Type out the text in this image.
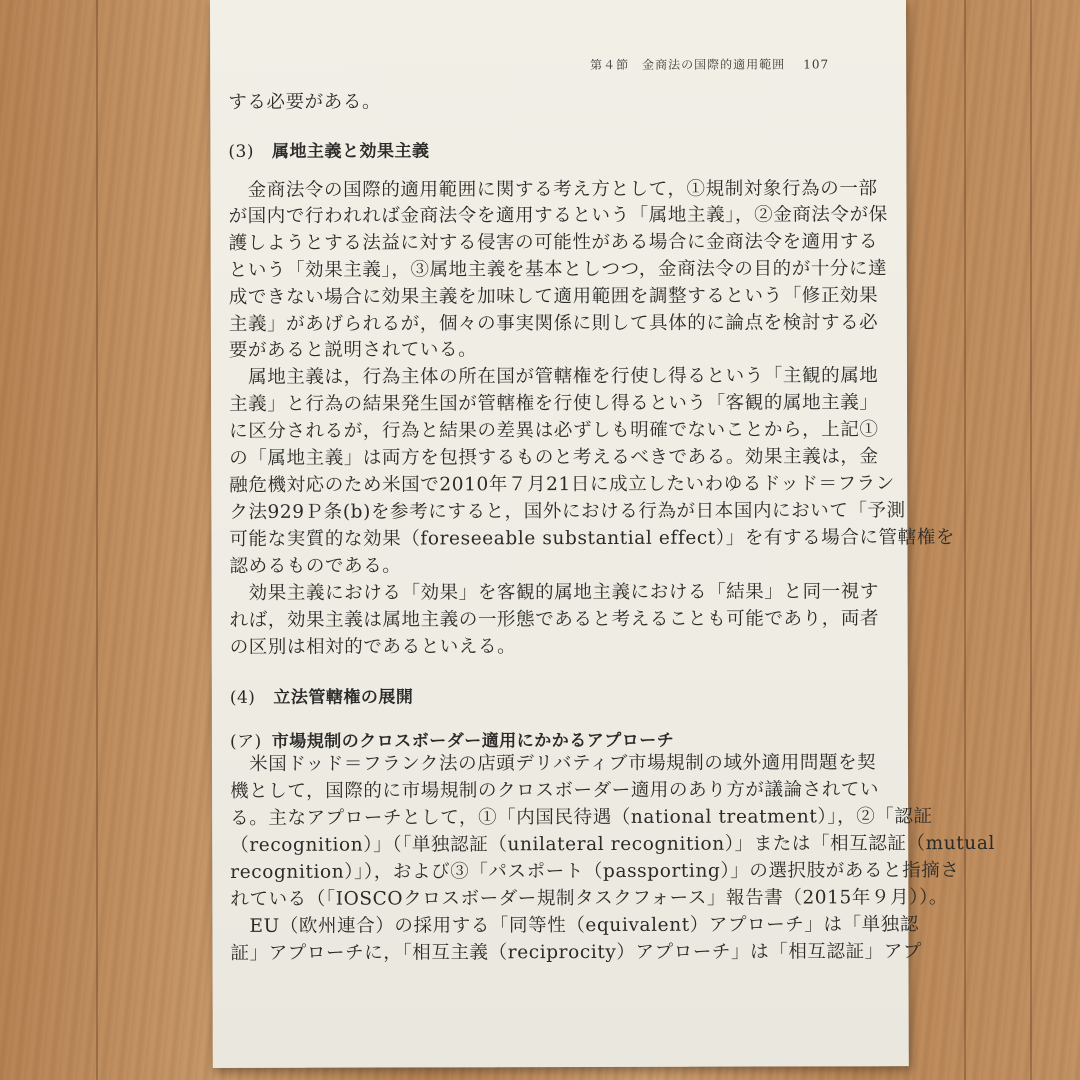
第４節　金商法の国際的適用範囲 107
する必要がある。
(3) 属地主義と効果主義
　金商法令の国際的適用範囲に関する考え方として，①規制対象行為の一部
が国内で行われれば金商法令を適用するという「属地主義」，②金商法令が保
護しようとする法益に対する侵害の可能性がある場合に金商法令を適用する
という「効果主義」，③属地主義を基本としつつ，金商法令の目的が十分に達
成できない場合に効果主義を加味して適用範囲を調整するという「修正効果
主義」があげられるが，個々の事実関係に則して具体的に論点を検討する必
要があると説明されている。
　属地主義は，行為主体の所在国が管轄権を行使し得るという「主観的属地
主義」と行為の結果発生国が管轄権を行使し得るという「客観的属地主義」
に区分されるが，行為と結果の差異は必ずしも明確でないことから，上記①
の「属地主義」は両方を包摂するものと考えるべきである。効果主義は，金
融危機対応のため米国で2010年７月21日に成立したいわゆるドッド＝フラン
ク法929Ｐ条(b)を参考にすると，国外における行為が日本国内において「予測
可能な実質的な効果（foreseeable substantial effect）」を有する場合に管轄権を
認めるものである。
　効果主義における「効果」を客観的属地主義における「結果」と同一視す
れば，効果主義は属地主義の一形態であると考えることも可能であり，両者
の区別は相対的であるといえる。
(4) 立法管轄権の展開
(ア) 市場規制のクロスボーダー適用にかかるアプローチ
　米国ドッド＝フランク法の店頭デリバティブ市場規制の域外適用問題を契
機として，国際的に市場規制のクロスボーダー適用のあり方が議論されてい
る。主なアプローチとして，①「内国民待遇（national treatment）」，②「認証
（recognition）」（「単独認証（unilateral recognition）」または「相互認証（mutual
recognition）」），および③「パスポート（passporting）」の選択肢があると指摘さ
れている（「IOSCOクロスボーダー規制タスクフォース」報告書（2015年９月））。
　EU（欧州連合）の採用する「同等性（equivalent）アプローチ」は「単独認
証」アプローチに，「相互主義（reciprocity）アプローチ」は「相互認証」アプ
